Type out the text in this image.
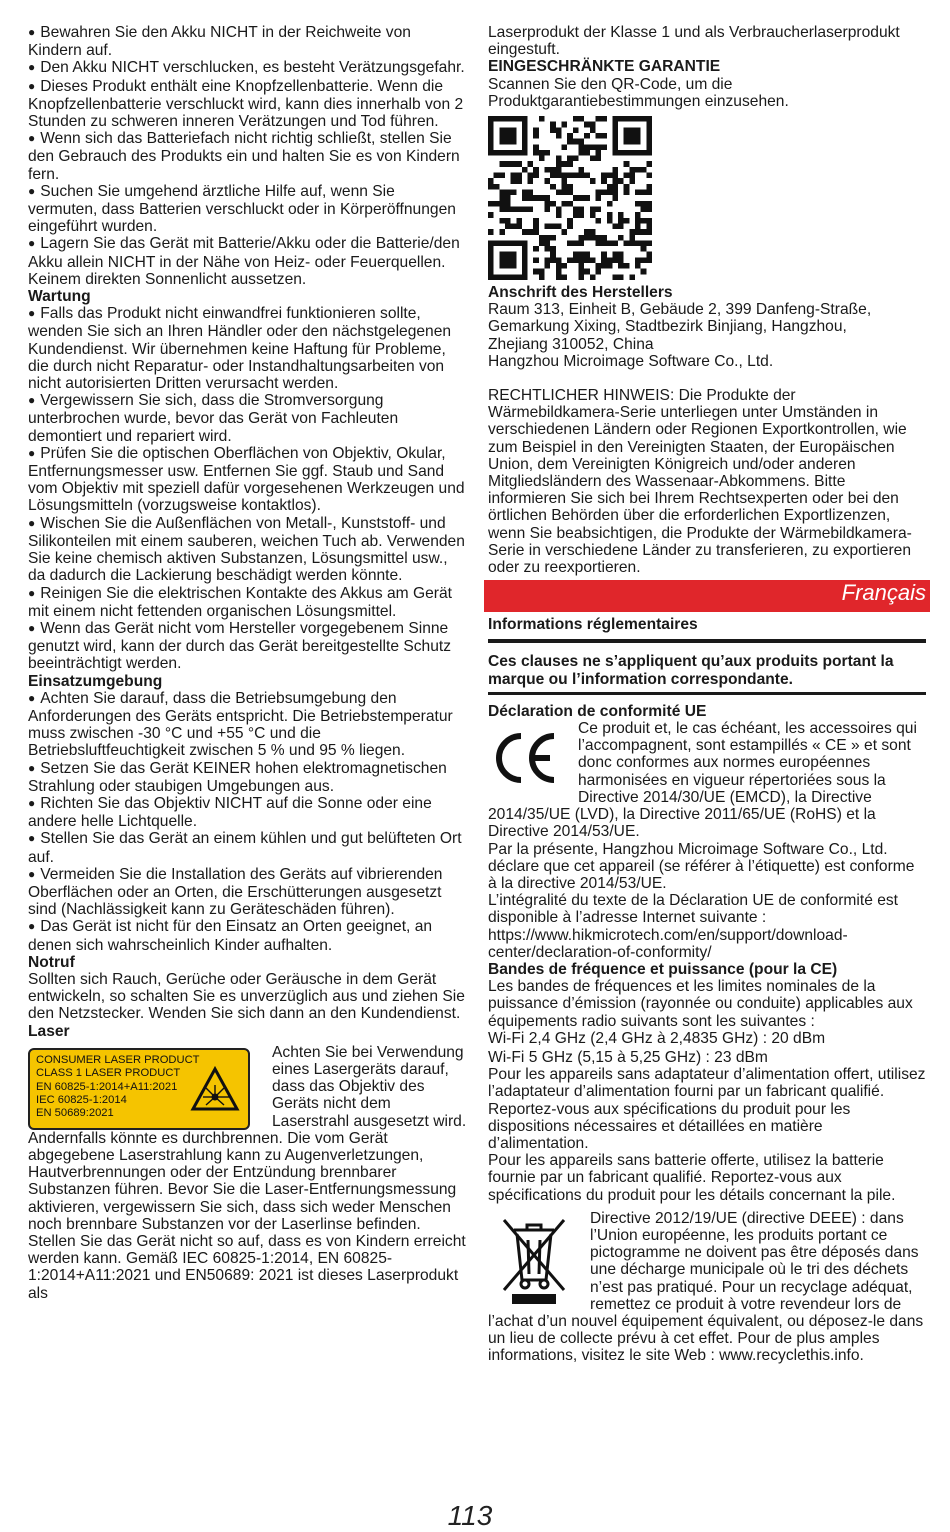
● Bewahren Sie den Akku NICHT in der Reichweite von Kindern auf.

● Den Akku NICHT verschlucken, es besteht Verätzungsgefahr.

● Dieses Produkt enthält eine Knopfzellenbatterie. Wenn die Knopfzellenbatterie verschluckt wird, kann dies innerhalb von 2 Stunden zu schweren inneren Verätzungen und Tod führen.

● Wenn sich das Batteriefach nicht richtig schließt, stellen Sie den Gebrauch des Produkts ein und halten Sie es von Kindern fern.

● Suchen Sie umgehend ärztliche Hilfe auf, wenn Sie vermuten, dass Batterien verschluckt oder in Körperöffnungen eingeführt wurden.

● Lagern Sie das Gerät mit Batterie/Akku oder die Batterie/den Akku allein NICHT in der Nähe von Heiz- oder Feuerquellen. Keinem direkten Sonnenlicht aussetzen.

Wartung

● Falls das Produkt nicht einwandfrei funktionieren sollte, wenden Sie sich an Ihren Händler oder den nächstgelegenen Kundendienst. Wir übernehmen keine Haftung für Probleme, die durch nicht Reparatur- oder Instandhaltungsarbeiten von nicht autorisierten Dritten verursacht werden.

● Vergewissern Sie sich, dass die Stromversorgung unterbrochen wurde, bevor das Gerät von Fachleuten demontiert und repariert wird.

● Prüfen Sie die optischen Oberflächen von Objektiv, Okular, Entfernungsmesser usw. Entfernen Sie ggf. Staub und Sand vom Objektiv mit speziell dafür vorgesehenen Werkzeugen und Lösungsmitteln (vorzugsweise kontaktlos).

● Wischen Sie die Außenflächen von Metall-, Kunststoff- und Silikonteilen mit einem sauberen, weichen Tuch ab. Verwenden Sie keine chemisch aktiven Substanzen, Lösungsmittel usw., da dadurch die Lackierung beschädigt werden könnte.

● Reinigen Sie die elektrischen Kontakte des Akkus am Gerät mit einem nicht fettenden organischen Lösungsmittel.

● Wenn das Gerät nicht vom Hersteller vorgegebenem Sinne genutzt wird, kann der durch das Gerät bereitgestellte Schutz beeinträchtigt werden.

Einsatzumgebung

● Achten Sie darauf, dass die Betriebsumgebung den Anforderungen des Geräts entspricht. Die Betriebstemperatur muss zwischen -30 °C und +55 °C und die Betriebsluftfeuchtigkeit zwischen 5 % und 95 % liegen.

● Setzen Sie das Gerät KEINER hohen elektromagnetischen Strahlung oder staubigen Umgebungen aus.

● Richten Sie das Objektiv NICHT auf die Sonne oder eine andere helle Lichtquelle.

● Stellen Sie das Gerät an einem kühlen und gut belüfteten Ort auf.

● Vermeiden Sie die Installation des Geräts auf vibrierenden Oberflächen oder an Orten, die Erschütterungen ausgesetzt sind (Nachlässigkeit kann zu Geräteschäden führen).

● Das Gerät ist nicht für den Einsatz an Orten geeignet, an denen sich wahrscheinlich Kinder aufhalten.

Notruf

Sollten sich Rauch, Gerüche oder Geräusche in dem Gerät entwickeln, so schalten Sie es unverzüglich aus und ziehen Sie den Netzstecker. Wenden Sie sich dann an den Kundendienst.

Laser

CONSUMER LASER PRODUCT
CLASS 1 LASER PRODUCT
EN 60825-1:2014+A11:2021
IEC 60825-1:2014
EN 50689:2021

Achten Sie bei Verwendung eines Lasergeräts darauf, dass das Objektiv des Geräts nicht dem Laserstrahl ausgesetzt wird.

Andernfalls könnte es durchbrennen. Die vom Gerät abgegebene Laserstrahlung kann zu Augenverletzungen, Hautverbrennungen oder der Entzündung brennbarer Substanzen führen. Bevor Sie die Laser-Entfernungsmessung aktivieren, vergewissern Sie sich, dass sich weder Menschen noch brennbare Substanzen vor der Laserlinse befinden. Stellen Sie das Gerät nicht so auf, dass es von Kindern erreicht werden kann. Gemäß IEC 60825-1:2014, EN 60825-1:2014+A11:2021 und EN50689: 2021 ist dieses Laserprodukt als

Laserprodukt der Klasse 1 und als Verbraucherlaserprodukt eingestuft.

EINGESCHRÄNKTE GARANTIE

Scannen Sie den QR-Code, um die Produktgarantiebestimmungen einzusehen.

Anschrift des Herstellers

Raum 313, Einheit B, Gebäude 2, 399 Danfeng-Straße,

Gemarkung Xixing, Stadtbezirk Binjiang, Hangzhou,

Zhejiang 310052, China

Hangzhou Microimage Software Co., Ltd.

RECHTLICHER HINWEIS: Die Produkte der Wärmebildkamera-Serie unterliegen unter Umständen in verschiedenen Ländern oder Regionen Exportkontrollen, wie zum Beispiel in den Vereinigten Staaten, der Europäischen Union, dem Vereinigten Königreich und/oder anderen Mitgliedsländern des Wassenaar-Abkommens. Bitte informieren Sie sich bei Ihrem Rechtsexperten oder bei den örtlichen Behörden über die erforderlichen Exportlizenzen, wenn Sie beabsichtigen, die Produkte der Wärmebildkamera-Serie in verschiedene Länder zu transferieren, zu exportieren oder zu reexportieren.

Français

Informations réglementaires

Ces clauses ne s’appliquent qu’aux produits portant la marque ou l’information correspondante.

Déclaration de conformité UE

Ce produit et, le cas échéant, les accessoires qui l’accompagnent, sont estampillés « CE » et sont donc conformes aux normes européennes harmonisées en vigueur répertoriées sous la Directive 2014/30/UE (EMCD), la Directive 2014/35/UE (LVD), la Directive 2011/65/UE (RoHS) et la Directive 2014/53/UE.

Par la présente, Hangzhou Microimage Software Co., Ltd. déclare que cet appareil (se référer à l’étiquette) est conforme à la directive 2014/53/UE.

L’intégralité du texte de la Déclaration UE de conformité est disponible à l’adresse Internet suivante : https://www.hikmicrotech.com/en/support/download-center/declaration-of-conformity/

Bandes de fréquence et puissance (pour la CE)

Les bandes de fréquences et les limites nominales de la puissance d’émission (rayonnée ou conduite) applicables aux équipements radio suivants sont les suivantes :

Wi-Fi 2,4 GHz (2,4 GHz à 2,4835 GHz) : 20 dBm

Wi-Fi 5 GHz (5,15 à 5,25 GHz) : 23 dBm

Pour les appareils sans adaptateur d’alimentation offert, utilisez l’adaptateur d’alimentation fourni par un fabricant qualifié. Reportez-vous aux spécifications du produit pour les dispositions nécessaires et détaillées en matière d’alimentation.

Pour les appareils sans batterie offerte, utilisez la batterie fournie par un fabricant qualifié. Reportez-vous aux spécifications du produit pour les détails concernant la pile.

Directive 2012/19/UE (directive DEEE) : dans l’Union européenne, les produits portant ce pictogramme ne doivent pas être déposés dans une décharge municipale où le tri des déchets n’est pas pratiqué. Pour un recyclage adéquat, remettez ce produit à votre revendeur lors de l’achat d’un nouvel équipement équivalent, ou déposez-le dans un lieu de collecte prévu à cet effet. Pour de plus amples informations, visitez le site Web : www.recyclethis.info.

113
